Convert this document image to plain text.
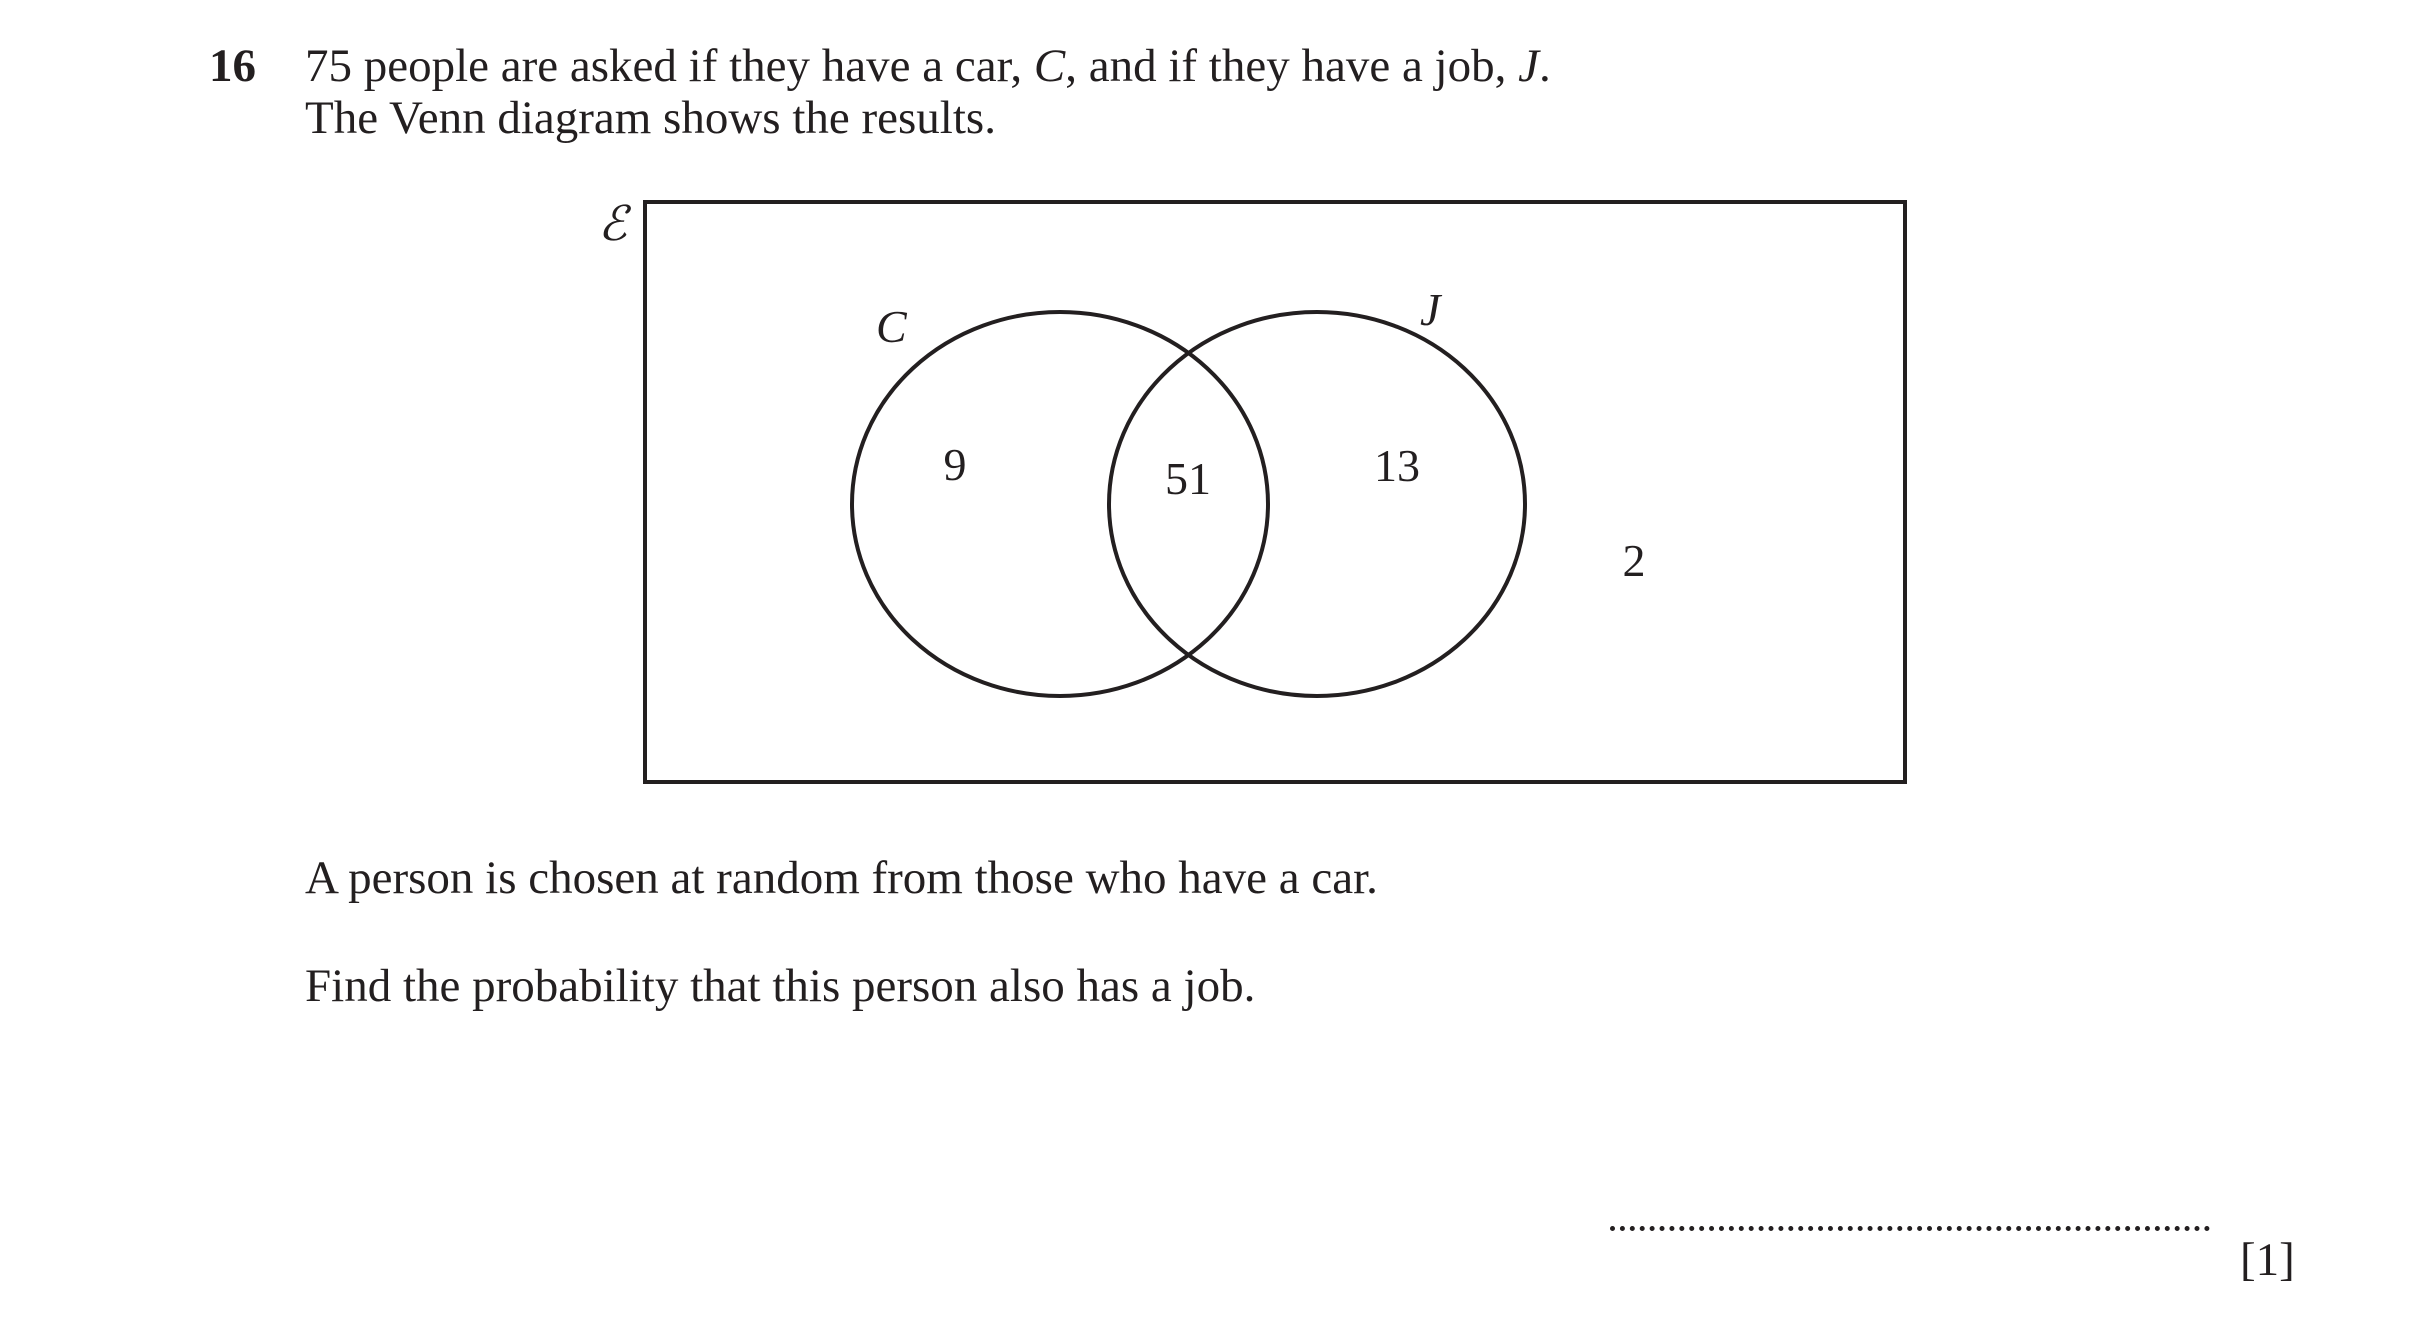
16 75 people are asked if they have a car, C, and if they have a job, J.
The Venn diagram shows the results.
ℰ
C	J
9	51	13
2
A person is chosen at random from those who have a car.
Find the probability that this person also has a job.
[1]
